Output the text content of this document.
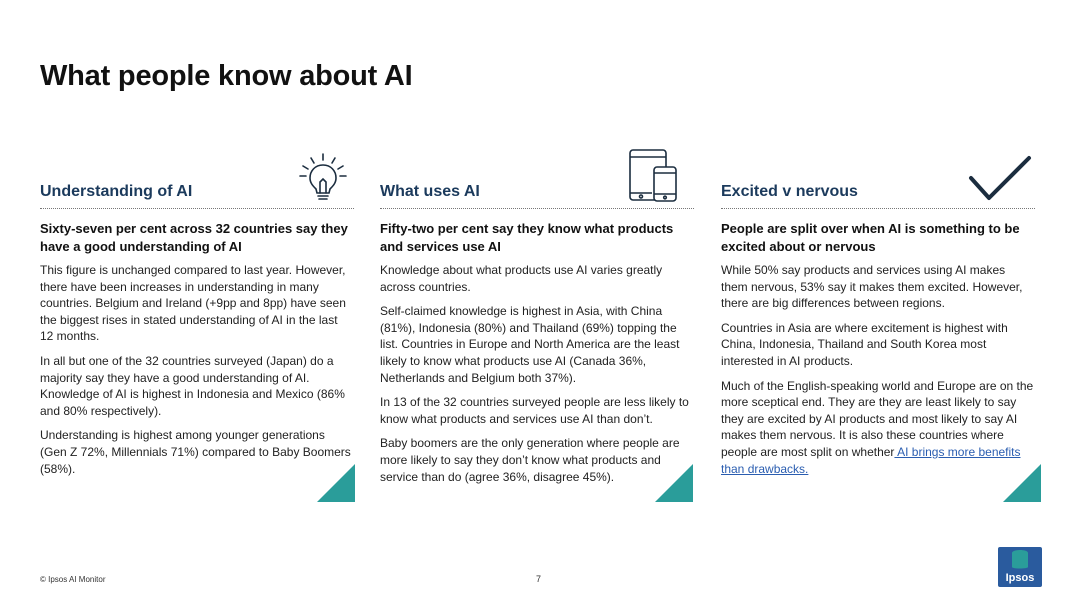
What people know about AI
Understanding of AI

Sixty-seven per cent across 32 countries say they have a good understanding of AI

This figure is unchanged compared to last year. However, there have been increases in understanding in many countries. Belgium and Ireland (+9pp and 8pp) have seen the biggest rises in stated understanding of AI in the last 12 months.

In all but one of the 32 countries surveyed (Japan) do a majority say they have a good understanding of AI. Knowledge of AI is highest in Indonesia and Mexico (86% and 80% respectively).

Understanding is highest among younger generations (Gen Z 72%, Millennials 71%) compared to Baby Boomers (58%).

What uses AI

Fifty-two per cent say they know what products and services use AI

Knowledge about what products use AI varies greatly across countries.

Self-claimed knowledge is highest in Asia, with China (81%), Indonesia (80%) and Thailand (69%) topping the list. Countries in Europe and North America are the least likely to know what products use AI (Canada 36%, Netherlands and Belgium both 37%).

In 13 of the 32 countries surveyed people are less likely to know what products and services use AI than don’t.

Baby boomers are the only generation where people are more likely to say they don’t know what products and service than do (agree 36%, disagree 45%).

Excited v nervous

People are split over when AI is something to be excited about or nervous

While 50% say products and services using AI makes them nervous, 53% say it makes them excited. However, there are big differences between regions.

Countries in Asia are where excitement is highest with China, Indonesia, Thailand and South Korea most interested in AI products.

Much of the English-speaking world and Europe are on the more sceptical end. They are they are least likely to say they are excited by AI products and most likely to say AI makes them nervous. It is also these countries where people are most split on whether AI brings more benefits than drawbacks.

© Ipsos AI Monitor	7	Ipsos
